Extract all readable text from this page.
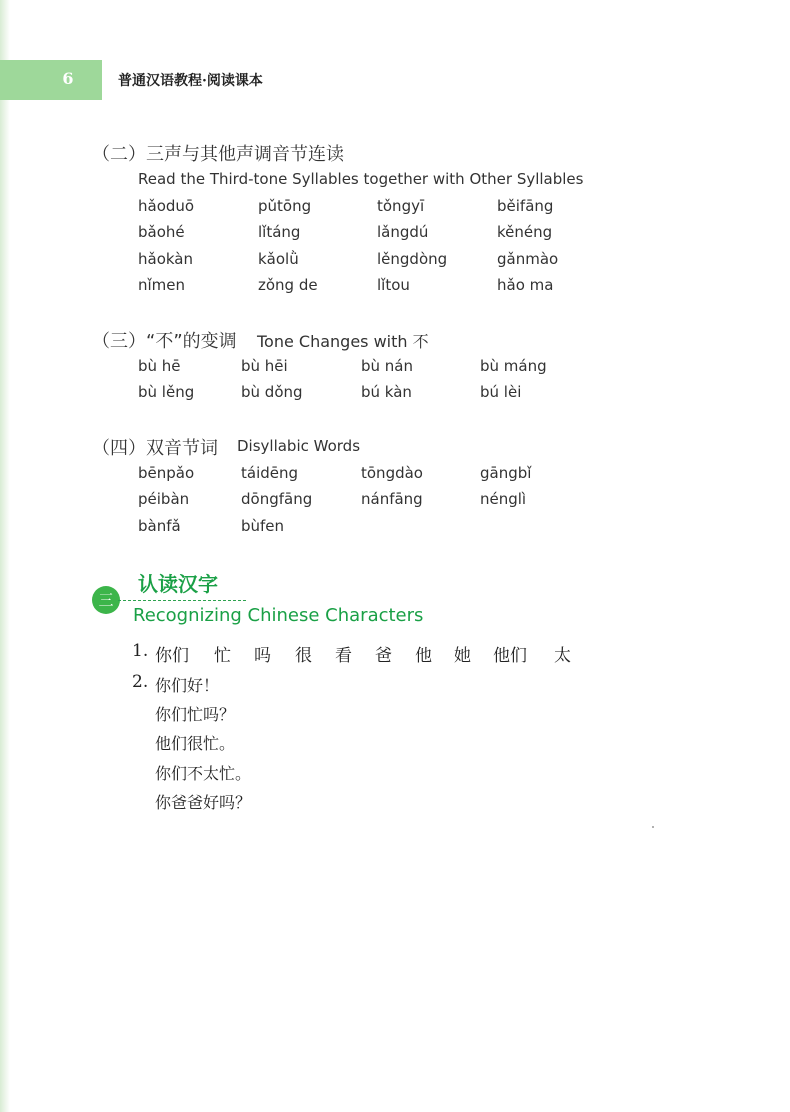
6	普通汉语教程·阅读课本
（二）三声与其他声调音节连读
Read the Third-tone Syllables together with Other Syllables
hǎoduō	pǔtōng	tǒngyī	běifāng
bǎohé	lǐtáng	lǎngdú	kěnéng
hǎokàn	kǎolǜ	lěngdòng	gǎnmào
nǐmen	zǒng de	lǐtou	hǎo ma
（三）“不”的变调 Tone Changes with 不
bù hē	bù hēi	bù nán	bù máng
bù lěng	bù dǒng	bú kàn	bú lèi
（四）双音节词 Disyllabic Words
bēnpǎo	táidēng	tōngdào	gāngbǐ
péibàn	dōngfāng	nánfāng	nénglì
bànfǎ	bùfen
三
认读汉字
Recognizing Chinese Characters
1. 你们 忙 吗 很 看 爸 他 她 他们 太
2. 你们好！
你们忙吗？
他们很忙。
你们不太忙。
你爸爸好吗？
